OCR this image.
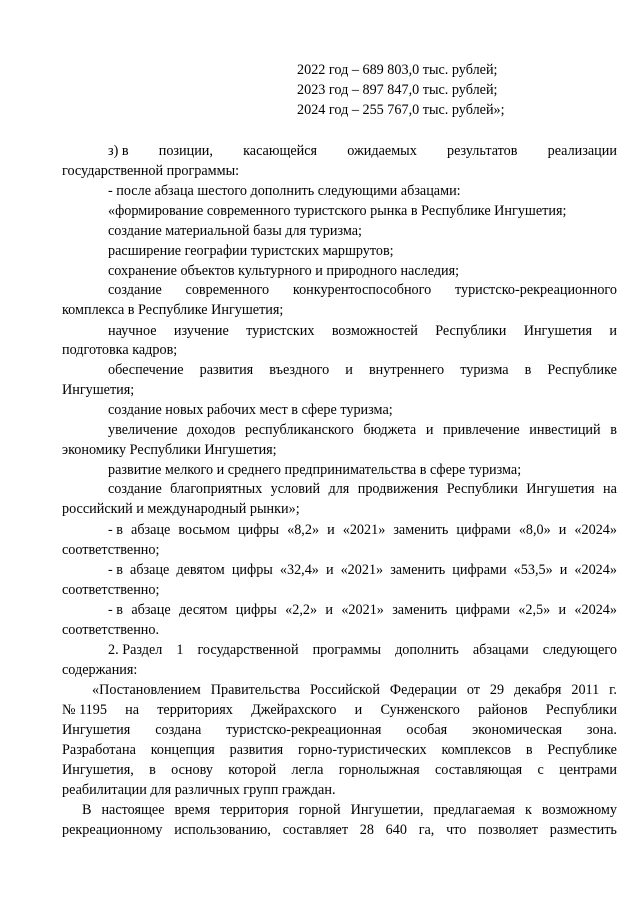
2022 год – 689 803,0 тыс. рублей;
2023 год – 897 847,0 тыс. рублей;
2024 год – 255 767,0 тыс. рублей»;
з) в позиции, касающейся ожидаемых результатов реализации
государственной программы:
- после абзаца шестого дополнить следующими абзацами:
«формирование современного туристского рынка в Республике Ингушетия;
создание материальной базы для туризма;
расширение географии туристских маршрутов;
сохранение объектов культурного и природного наследия;
создание современного конкурентоспособного туристско-рекреационного
комплекса в Республике Ингушетия;
научное изучение туристских возможностей Республики Ингушетия и
подготовка кадров;
обеспечение развития въездного и внутреннего туризма в Республике
Ингушетия;
создание новых рабочих мест в сфере туризма;
увеличение доходов республиканского бюджета и привлечение инвестиций в
экономику Республики Ингушетия;
развитие мелкого и среднего предпринимательства в сфере туризма;
создание благоприятных условий для продвижения Республики Ингушетия на
российский и международный рынки»;
- в абзаце восьмом цифры «8,2» и «2021» заменить цифрами «8,0» и «2024»
соответственно;
- в абзаце девятом цифры «32,4» и «2021» заменить цифрами «53,5» и «2024»
соответственно;
- в абзаце десятом цифры «2,2» и «2021» заменить цифрами «2,5» и «2024»
соответственно.
2. Раздел 1 государственной программы дополнить абзацами следующего
содержания:
«Постановлением Правительства Российской Федерации от 29 декабря 2011 г.
№ 1195 на территориях Джейрахского и Сунженского районов Республики
Ингушетия создана туристско-рекреационная особая экономическая зона.
Разработана концепция развития горно-туристических комплексов в Республике
Ингушетия, в основу которой легла горнолыжная составляющая с центрами
реабилитации для различных групп граждан.
В настоящее время территория горной Ингушетии, предлагаемая к возможному
рекреационному использованию, составляет 28 640 га, что позволяет разместить
